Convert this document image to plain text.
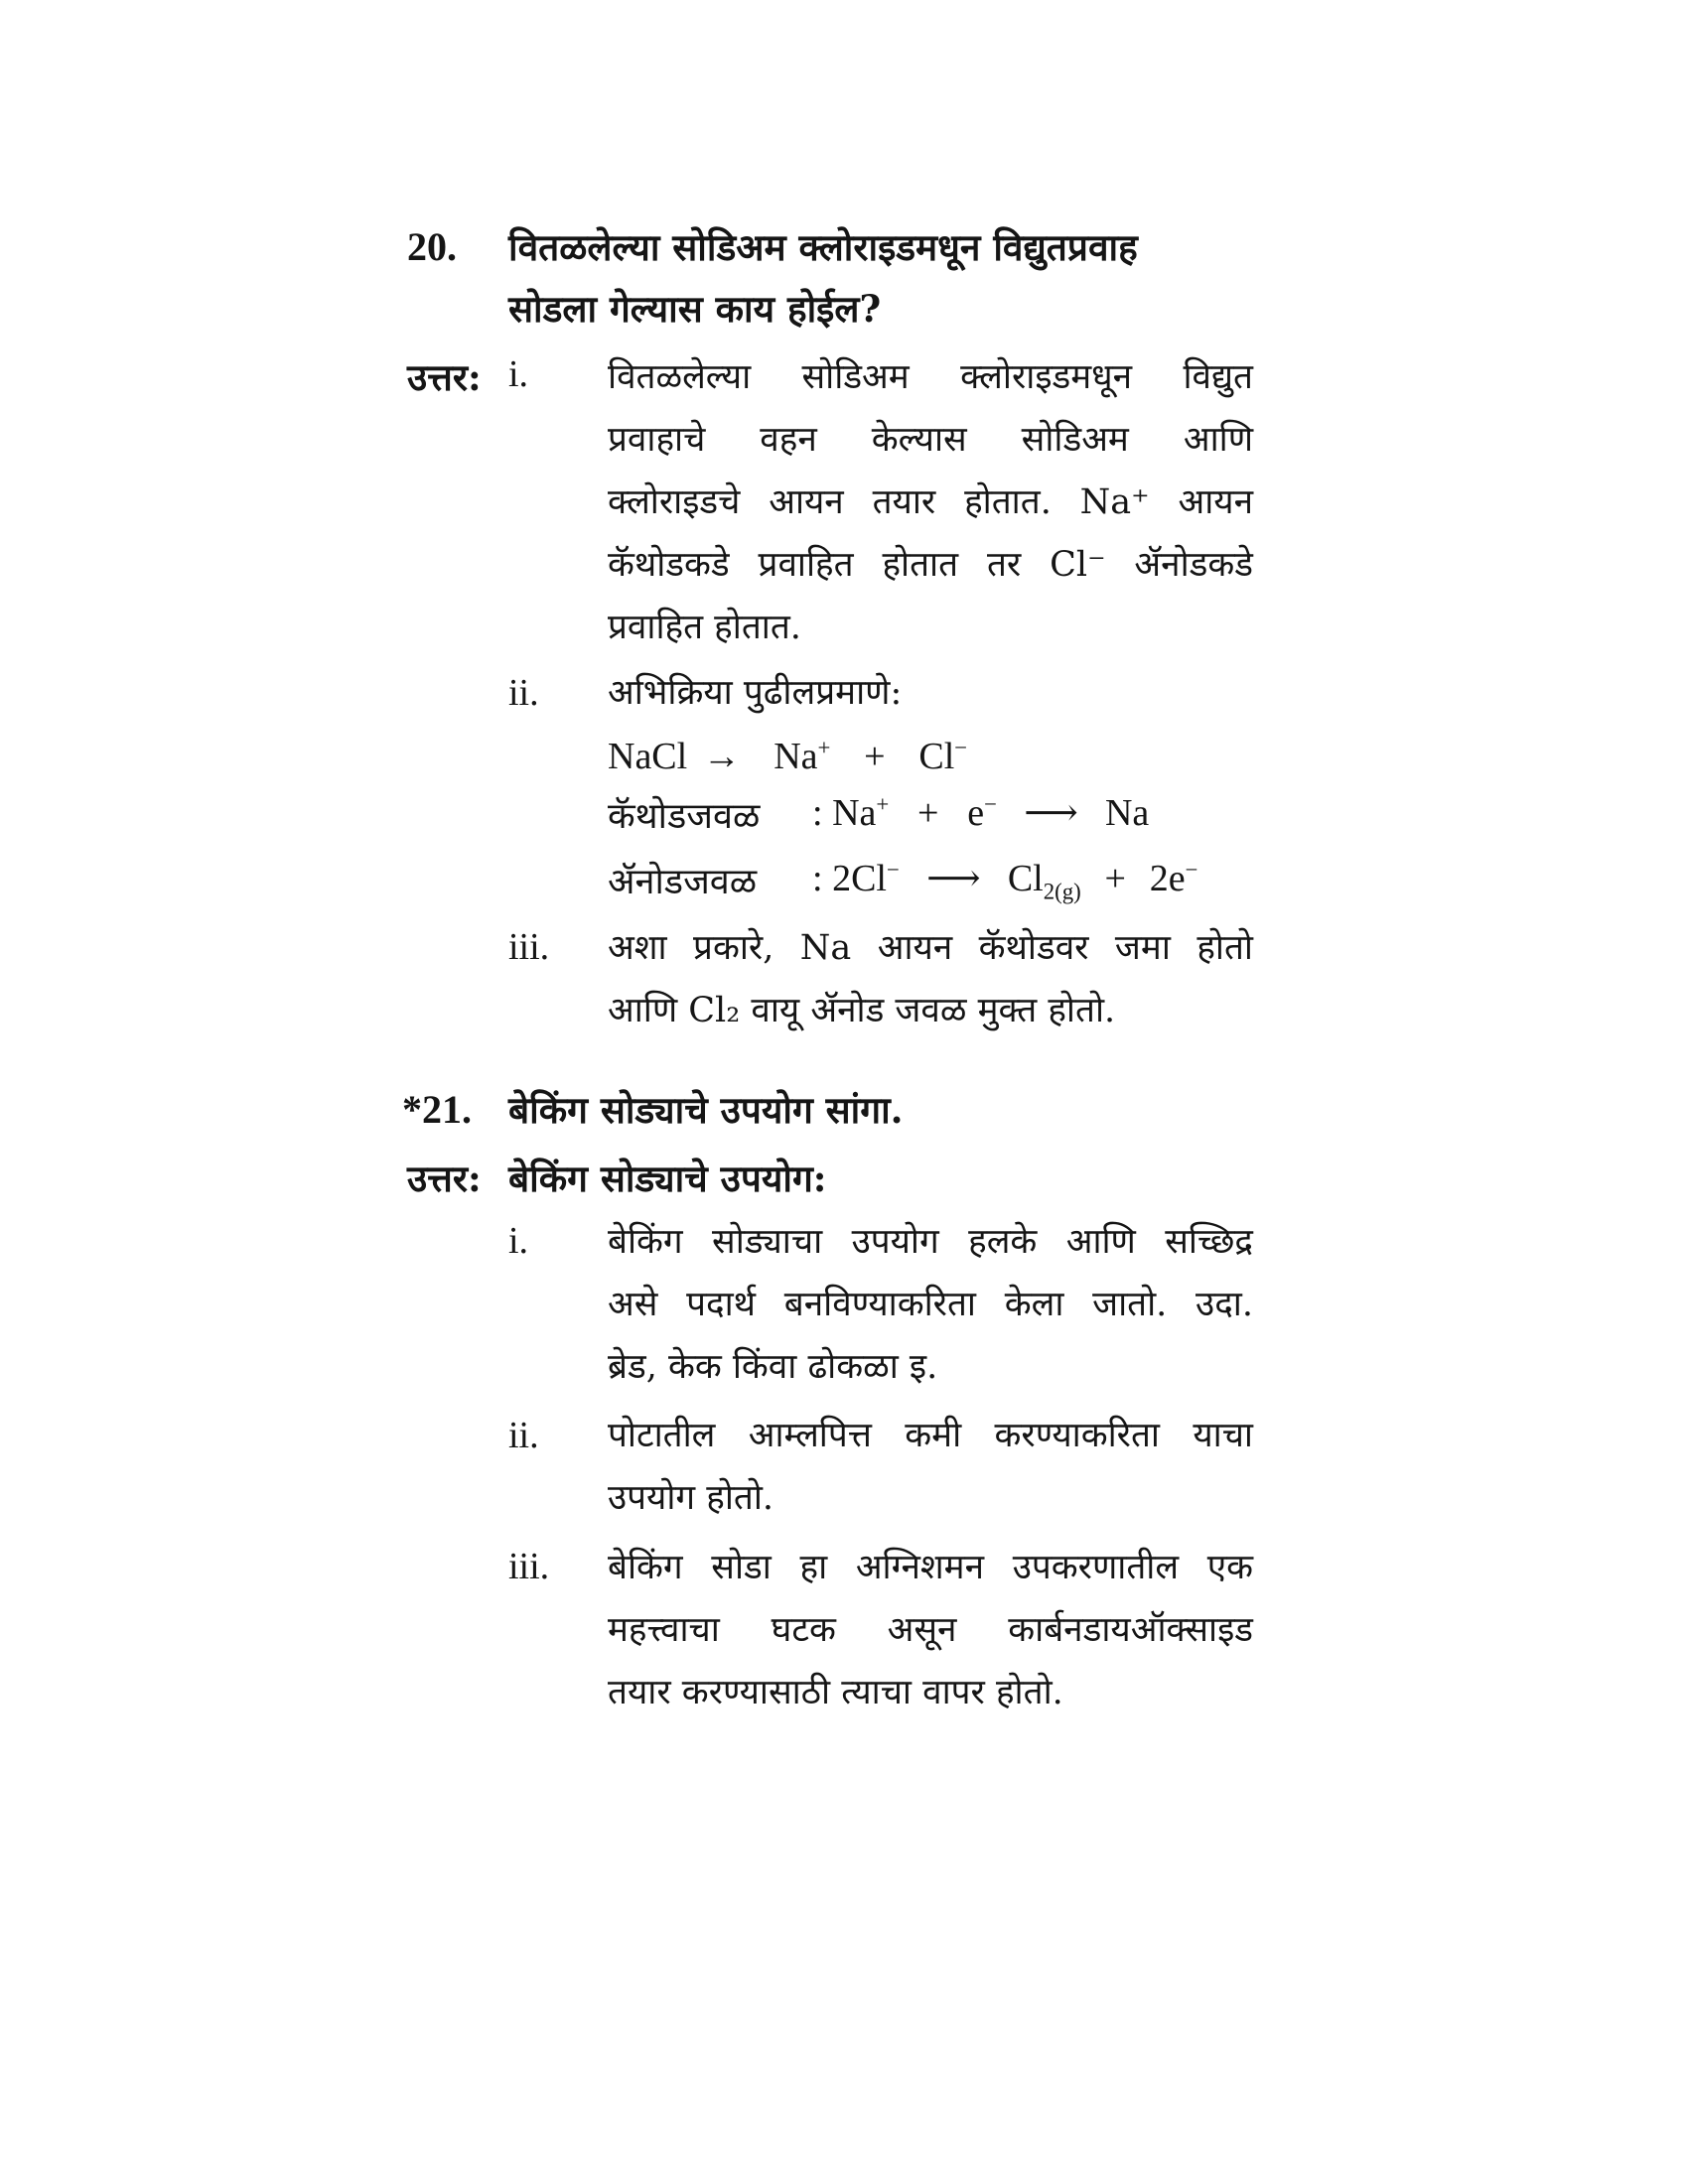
20. वितळलेल्या सोडिअम क्लोराइडमधून विद्युतप्रवाह
सोडला गेल्यास काय होईल?
उत्तर: i. वितळलेल्या सोडिअम क्लोराइडमधून विद्युत
प्रवाहाचे वहन केल्यास सोडिअम आणि
क्लोराइडचे आयन तयार होतात. Na⁺ आयन
कॅथोडकडे प्रवाहित होतात तर Cl⁻ ॲनोडकडे
प्रवाहित होतात.
ii. अभिक्रिया पुढीलप्रमाणे:
NaCl → Na+ + Cl−
कॅथोडजवळ : Na+ + e− ⟶ Na
ॲनोडजवळ : 2Cl− ⟶ $Cl_{2(g)} + 2e^-$
iii. अशा प्रकारे, Na आयन कॅथोडवर जमा होतो
आणि Cl₂ वायू ॲनोड जवळ मुक्त होतो.
*21. बेकिंग सोड्याचे उपयोग सांगा.
उत्तर: बेकिंग सोड्याचे उपयोग:
i. बेकिंग सोड्याचा उपयोग हलके आणि सच्छिद्र
असे पदार्थ बनविण्याकरिता केला जातो. उदा.
ब्रेड, केक किंवा ढोकळा इ.
ii. पोटातील आम्लपित्त कमी करण्याकरिता याचा
उपयोग होतो.
iii. बेकिंग सोडा हा अग्निशमन उपकरणातील एक
महत्त्वाचा घटक असून कार्बनडायऑक्साइड
तयार करण्यासाठी त्याचा वापर होतो.
